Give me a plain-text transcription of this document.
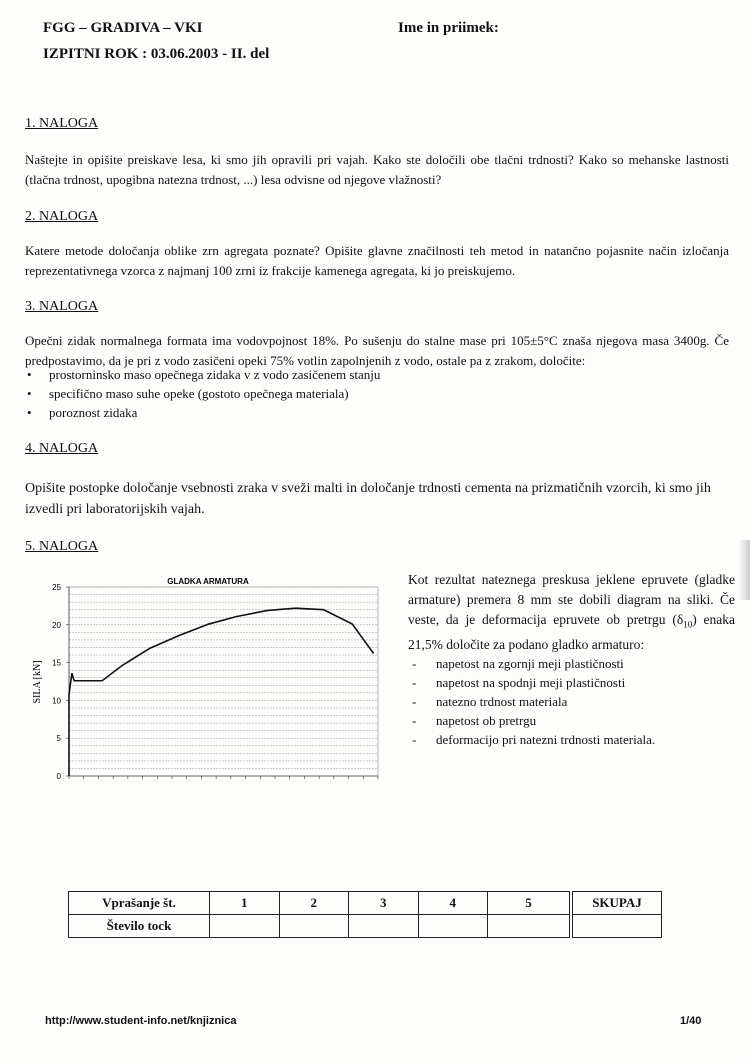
FGG – GRADIVA – VKI
IZPITNI ROK : 03.06.2003 - II. del
Ime in priimek:
1. NALOGA
Naštejte in opišite preiskave lesa, ki smo jih opravili pri vajah. Kako ste določili obe tlačni trdnosti? Kako so mehanske lastnosti (tlačna trdnost, upogibna natezna trdnost, ...) lesa odvisne od njegove vlažnosti?
2. NALOGA
Katere metode določanja oblike zrn agregata poznate? Opišite glavne značilnosti teh metod in natančno pojasnite način izločanja reprezentativnega vzorca z najmanj 100 zrni iz frakcije kamenega agregata, ki jo preiskujemo.
3. NALOGA
Opečni zidak normalnega formata ima vodovpojnost 18%. Po sušenju do stalne mase pri 105±5°C znaša njegova masa 3400g. Če predpostavimo, da je pri z vodo zasičeni opeki 75% votlin zapolnjenih z vodo, ostale pa z zrakom, določite:
• prostorninsko maso opečnega zidaka v z vodo zasičenem stanju
• specifično maso suhe opeke (gostoto opečnega materiala)
• poroznost zidaka
4. NALOGA
Opišite postopke določanje vsebnosti zraka v sveži malti in določanje trdnosti cementa na prizmatičnih vzorcih, ki smo jih izvedli pri laboratorijskih vajah.
5. NALOGA
GLADKA ARMATURA
SILA [kN]
0
5
10
15
20
25
Kot rezultat nateznega preskusa jeklene epruvete (gladke armature) premera 8 mm ste dobili diagram na sliki. Če veste, da je deformacija epruvete ob pretrgu $(\delta_{10})$ enaka 21,5% določite za podano gladko armaturo:
- napetost na zgornji meji plastičnosti
- napetost na spodnji meji plastičnosti
- natezno trdnost materiala
- napetost ob pretrgu
- deformacijo pri natezni trdnosti materiala.
Vprašanje št.	1	2	3	4	5	SKUPAJ
Število tock						
http://www.student-info.net/knjiznica	1/40
